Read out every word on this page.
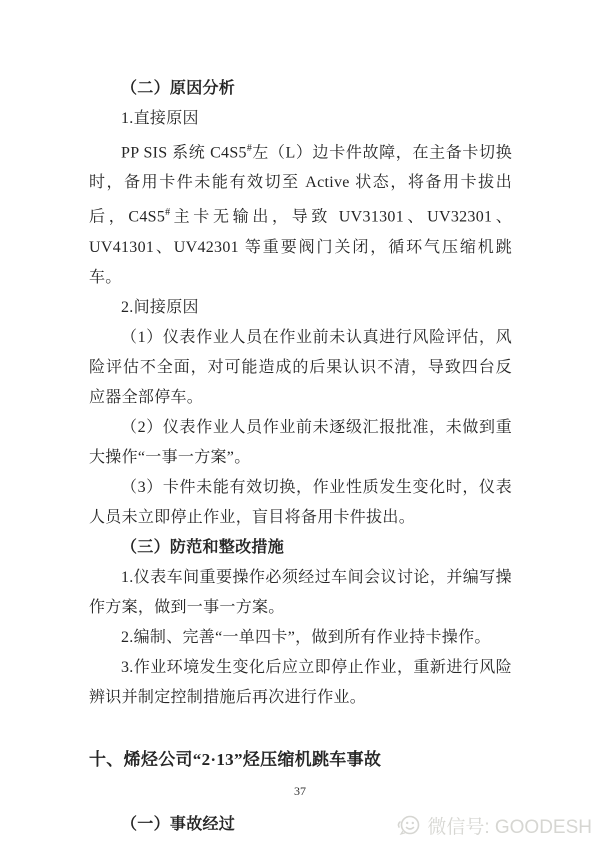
（二）原因分析

1.直接原因

PP SIS 系统 C4S5#左（L）边卡件故障，在主备卡切换时，备用卡件未能有效切至 Active 状态，将备用卡拔出后，C4S5#主卡无输出，导致 UV31301、UV32301、UV41301、UV42301 等重要阀门关闭，循环气压缩机跳车。

2.间接原因

（1）仪表作业人员在作业前未认真进行风险评估，风险评估不全面，对可能造成的后果认识不清，导致四台反应器全部停车。

（2）仪表作业人员作业前未逐级汇报批准，未做到重大操作“一事一方案”。

（3）卡件未能有效切换，作业性质发生变化时，仪表人员未立即停止作业，盲目将备用卡件拔出。

（三）防范和整改措施

1.仪表车间重要操作必须经过车间会议讨论，并编写操作方案，做到一事一方案。

2.编制、完善“一单四卡”，做到所有作业持卡操作。

3.作业环境发生变化后应立即停止作业，重新进行风险辨识并制定控制措施后再次进行作业。

十、烯烃公司“2·13”烃压缩机跳车事故

（一）事故经过

37
微信号: GOODESH
